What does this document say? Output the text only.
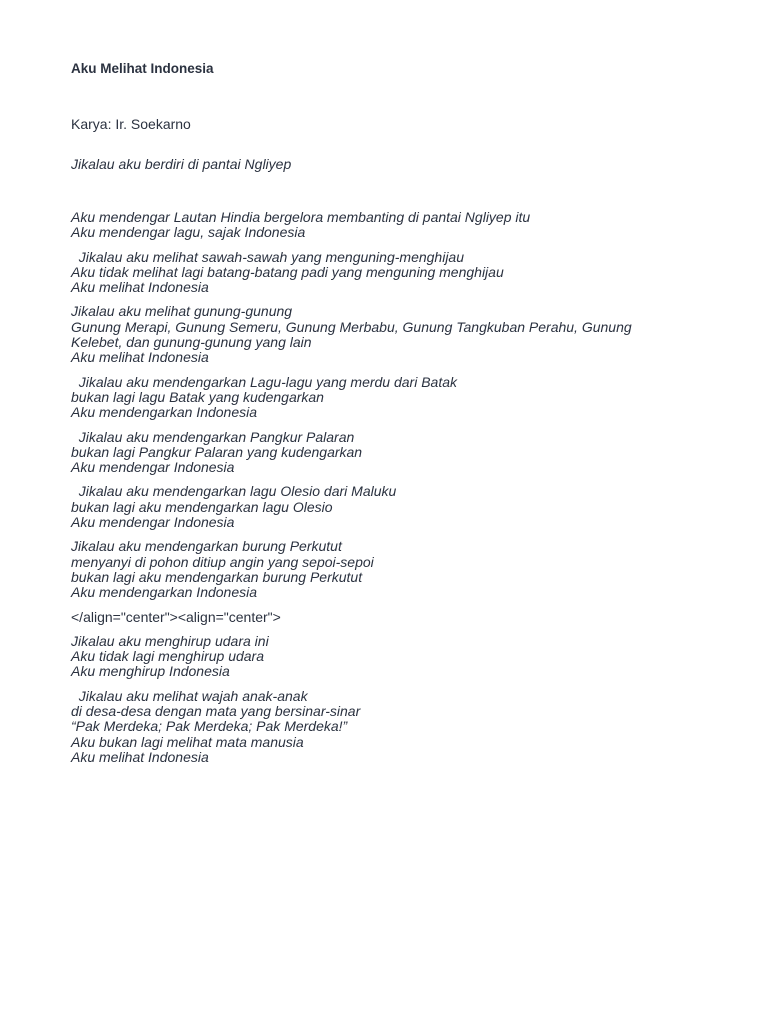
Aku Melihat Indonesia
Karya: Ir. Soekarno
Jikalau aku berdiri di pantai Ngliyep
Aku mendengar Lautan Hindia bergelora membanting di pantai Ngliyep itu
Aku mendengar lagu, sajak Indonesia
Jikalau aku melihat sawah-sawah yang menguning-menghijau
Aku tidak melihat lagi batang-batang padi yang menguning menghijau
Aku melihat Indonesia
Jikalau aku melihat gunung-gunung
Gunung Merapi, Gunung Semeru, Gunung Merbabu, Gunung Tangkuban Perahu, Gunung
Kelebet, dan gunung-gunung yang lain
Aku melihat Indonesia
Jikalau aku mendengarkan Lagu-lagu yang merdu dari Batak
bukan lagi lagu Batak yang kudengarkan
Aku mendengarkan Indonesia
Jikalau aku mendengarkan Pangkur Palaran
bukan lagi Pangkur Palaran yang kudengarkan
Aku mendengar Indonesia
Jikalau aku mendengarkan lagu Olesio dari Maluku
bukan lagi aku mendengarkan lagu Olesio
Aku mendengar Indonesia
Jikalau aku mendengarkan burung Perkutut
menyanyi di pohon ditiup angin yang sepoi-sepoi
bukan lagi aku mendengarkan burung Perkutut
Aku mendengarkan Indonesia
</align="center"><align="center">
Jikalau aku menghirup udara ini
Aku tidak lagi menghirup udara
Aku menghirup Indonesia
Jikalau aku melihat wajah anak-anak
di desa-desa dengan mata yang bersinar-sinar
“Pak Merdeka; Pak Merdeka; Pak Merdeka!”
Aku bukan lagi melihat mata manusia
Aku melihat Indonesia
